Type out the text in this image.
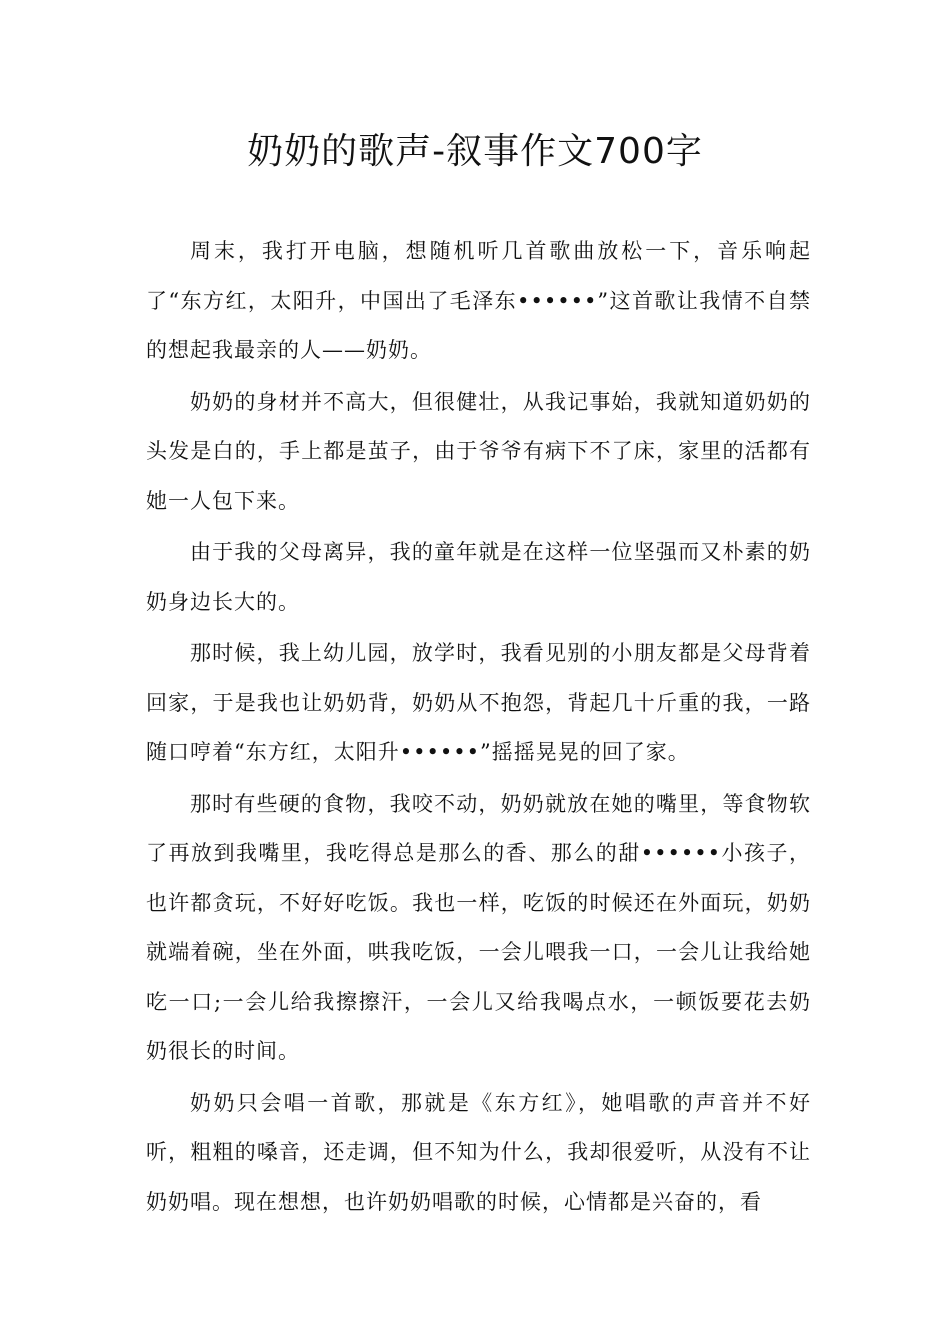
奶奶的歌声-叙事作文700字

周末，我打开电脑，想随机听几首歌曲放松一下，音乐响起了“东方红，太阳升，中国出了毛泽东••••••”这首歌让我情不自禁的想起我最亲的人——奶奶。

奶奶的身材并不高大，但很健壮，从我记事始，我就知道奶奶的头发是白的，手上都是茧子，由于爷爷有病下不了床，家里的活都有她一人包下来。

由于我的父母离异，我的童年就是在这样一位坚强而又朴素的奶奶身边长大的。

那时候，我上幼儿园，放学时，我看见别的小朋友都是父母背着回家，于是我也让奶奶背，奶奶从不抱怨，背起几十斤重的我，一路随口哼着“东方红，太阳升••••••”摇摇晃晃的回了家。

那时有些硬的食物，我咬不动，奶奶就放在她的嘴里，等食物软了再放到我嘴里，我吃得总是那么的香、那么的甜••••••小孩子，也许都贪玩，不好好吃饭。我也一样，吃饭的时候还在外面玩，奶奶就端着碗，坐在外面，哄我吃饭，一会儿喂我一口，一会儿让我给她吃一口;一会儿给我擦擦汗，一会儿又给我喝点水，一顿饭要花去奶奶很长的时间。

奶奶只会唱一首歌，那就是《东方红》，她唱歌的声音并不好听，粗粗的嗓音，还走调，但不知为什么，我却很爱听，从没有不让奶奶唱。现在想想，也许奶奶唱歌的时候，心情都是兴奋的，看
